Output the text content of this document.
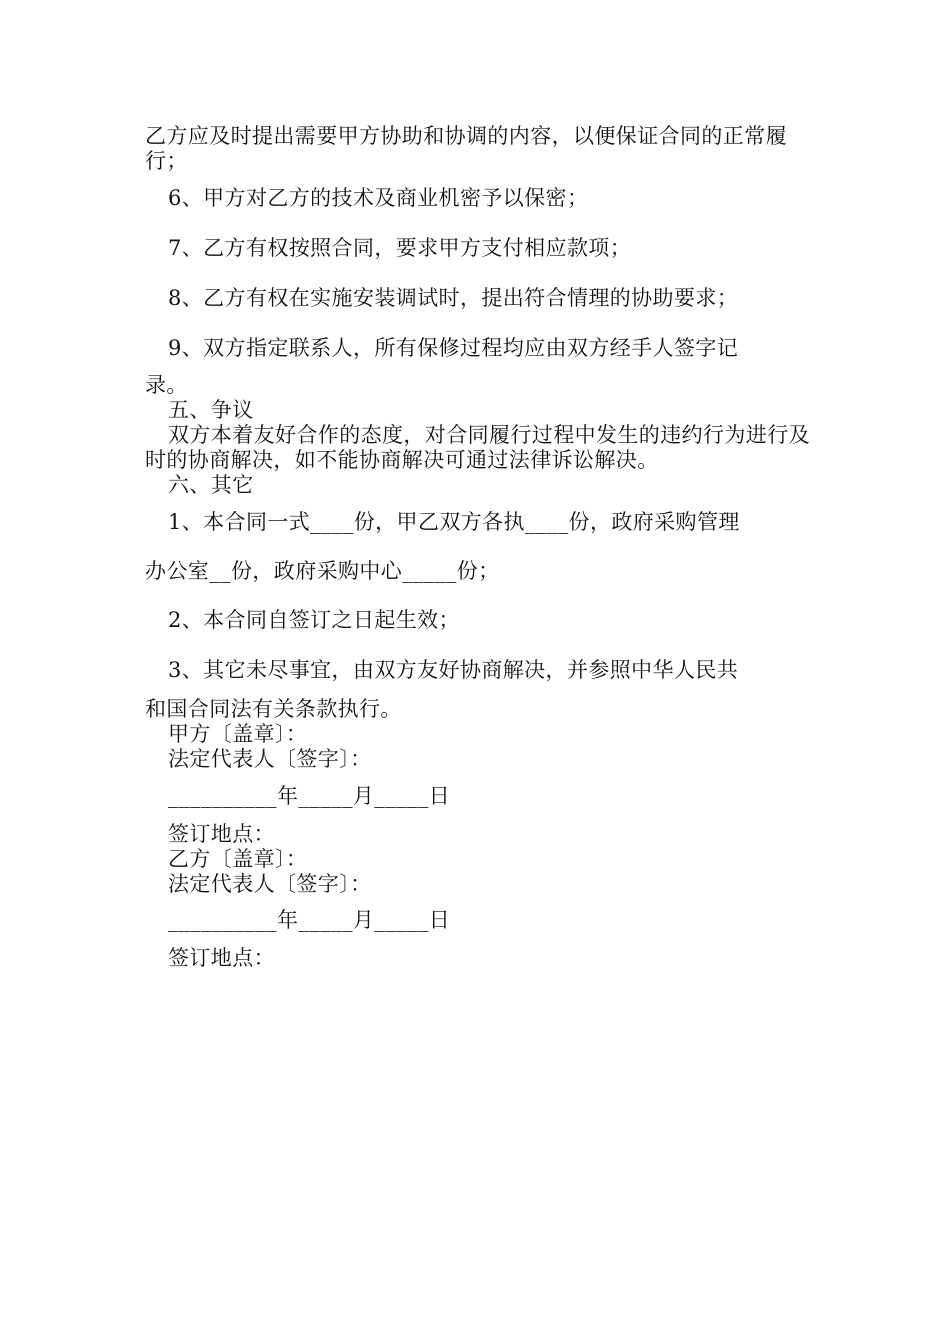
乙方应及时提出需要甲方协助和协调的内容，以便保证合同的正常履行；

6、甲方对乙方的技术及商业机密予以保密；

7、乙方有权按照合同，要求甲方支付相应款项；

8、乙方有权在实施安装调试时，提出符合情理的协助要求；

9、双方指定联系人，所有保修过程均应由双方经手人签字记

录。

五、争议

双方本着友好合作的态度，对合同履行过程中发生的违约行为进行及时的协商解决，如不能协商解决可通过法律诉讼解决。

六、其它

1、本合同一式____份，甲乙双方各执____份，政府采购管理

办公室__份，政府采购中心_____份；

2、本合同自签订之日起生效；

3、其它未尽事宜，由双方友好协商解决，并参照中华人民共

和国合同法有关条款执行。

甲方〔盖章〕：

法定代表人〔签字〕：

__________年_____月_____日

签订地点：

乙方〔盖章〕：

法定代表人〔签字〕：

__________年_____月_____日

签订地点：
